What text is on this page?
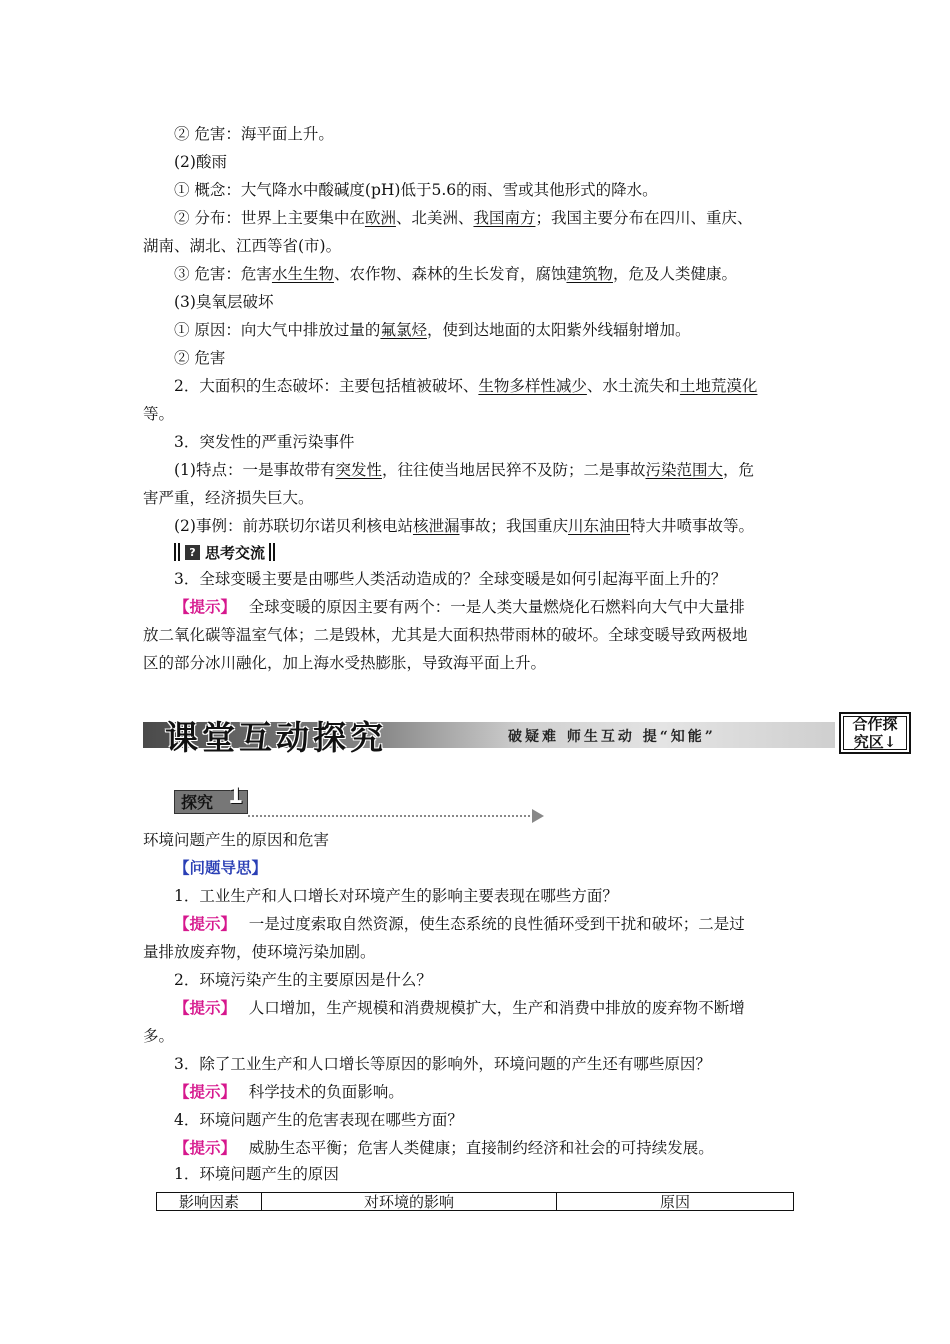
② 危害：海平面上升。
(2)酸雨
① 概念：大气降水中酸碱度(pH)低于5.6的雨、雪或其他形式的降水。
② 分布：世界上主要集中在欧洲、北美洲、我国南方；我国主要分布在四川、重庆、
湖南、湖北、江西等省(市)。
③ 危害：危害水生生物、农作物、森林的生长发育，腐蚀建筑物，危及人类健康。
(3)臭氧层破坏
① 原因：向大气中排放过量的氟氯烃，使到达地面的太阳紫外线辐射增加。
② 危害
2．大面积的生态破坏：主要包括植被破坏、生物多样性减少、水土流失和土地荒漠化
等。
3．突发性的严重污染事件
(1)特点：一是事故带有突发性，往往使当地居民猝不及防；二是事故污染范围大，危
害严重，经济损失巨大。
(2)事例：前苏联切尔诺贝利核电站核泄漏事故；我国重庆川东油田特大井喷事故等。
? 思考交流
3．全球变暖主要是由哪些人类活动造成的？全球变暖是如何引起海平面上升的？
【提示】　 全球变暖的原因主要有两个：一是人类大量燃烧化石燃料向大气中大量排
放二氧化碳等温室气体；二是毁林，尤其是大面积热带雨林的破坏。全球变暖导致两极地
区的部分冰川融化，加上海水受热膨胀，导致海平面上升。
课堂互动探究	破疑难 师生互动 提“知能”
合作探
究区↓
探究 1
环境问题产生的原因和危害
【问题导思】
1．工业生产和人口增长对环境产生的影响主要表现在哪些方面？
【提示】　 一是过度索取自然资源，使生态系统的良性循环受到干扰和破坏；二是过
量排放废弃物，使环境污染加剧。
2．环境污染产生的主要原因是什么？
【提示】　 人口增加，生产规模和消费规模扩大，生产和消费中排放的废弃物不断增
多。
3．除了工业生产和人口增长等原因的影响外，环境问题的产生还有哪些原因？
【提示】　 科学技术的负面影响。
4．环境问题产生的危害表现在哪些方面？
【提示】　 威胁生态平衡；危害人类健康；直接制约经济和社会的可持续发展。
1．环境问题产生的原因
影响因素	对环境的影响	原因
